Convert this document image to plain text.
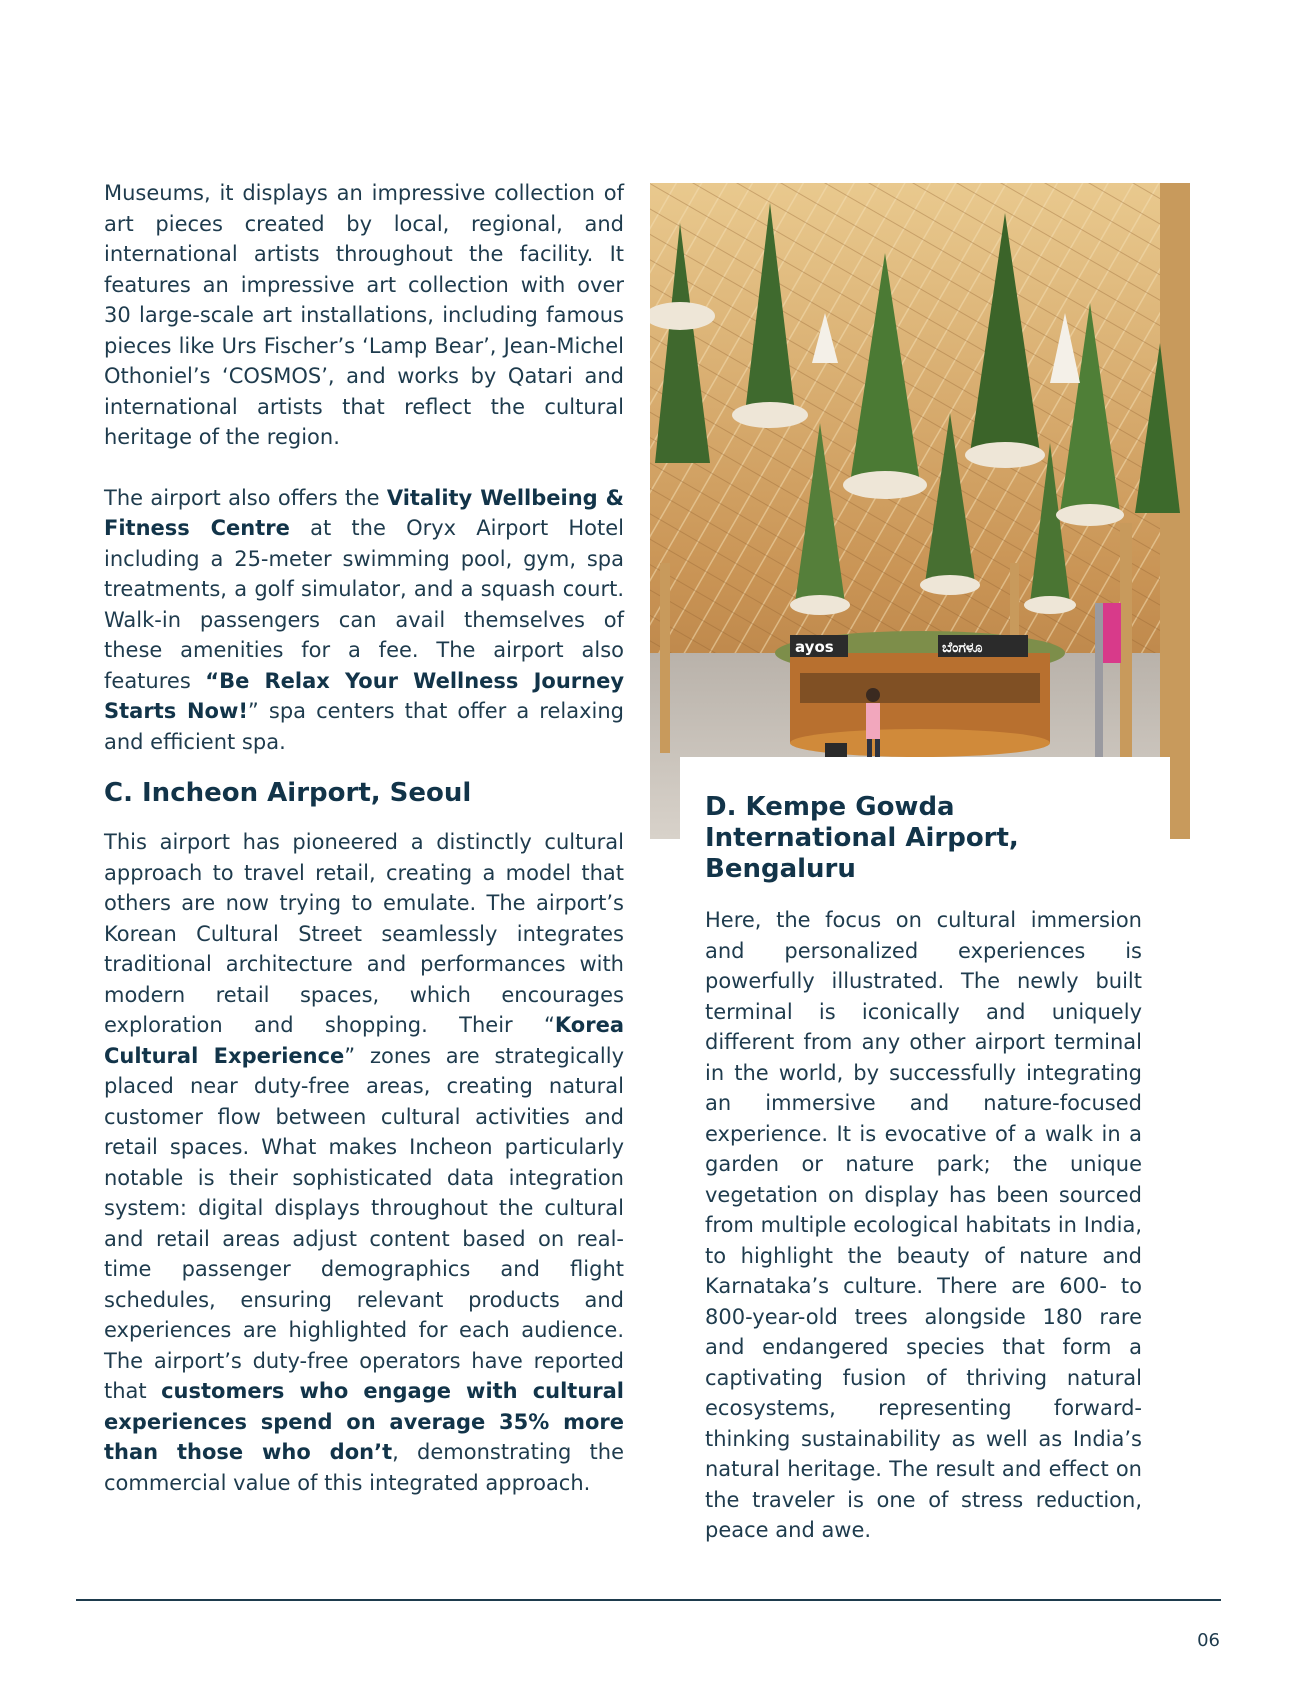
Museums, it displays an impressive collection of art pieces created by local, regional, and international artists throughout the facility. It features an impressive art collection with over 30 large-scale art installations, including famous pieces like Urs Fischer’s ‘Lamp Bear’, Jean-Michel Othoniel’s ‘COSMOS’, and works by Qatari and international artists that reflect the cultural heritage of the region.

The airport also offers the Vitality Wellbeing & Fitness Centre at the Oryx Airport Hotel including a 25-meter swimming pool, gym, spa treatments, a golf simulator, and a squash court. Walk-in passengers can avail themselves of these amenities for a fee. The airport also features “Be Relax Your Wellness Journey Starts Now!” spa centers that offer a relaxing and efficient spa.

C. Incheon Airport, Seoul

This airport has pioneered a distinctly cultural approach to travel retail, creating a model that others are now trying to emulate. The airport’s Korean Cultural Street seamlessly integrates traditional architecture and performances with modern retail spaces, which encourages exploration and shopping. Their “Korea Cultural Experience” zones are strategically placed near duty-free areas, creating natural customer flow between cultural activities and retail spaces. What makes Incheon particularly notable is their sophisticated data integration system: digital displays throughout the cultural and retail areas adjust content based on real-time passenger demographics and flight schedules, ensuring relevant products and experiences are highlighted for each audience. The airport’s duty-free operators have reported that customers who engage with cultural experiences spend on average 35% more than those who don’t, demonstrating the commercial value of this integrated approach.

ayos	ಬೆಂಗಳೂ
D. Kempe Gowda International Airport, Bengaluru

Here, the focus on cultural immersion and personalized experiences is powerfully illustrated. The newly built terminal is iconically and uniquely different from any other airport terminal in the world, by successfully integrating an immersive and nature-focused experience. It is evocative of a walk in a garden or nature park; the unique vegetation on display has been sourced from multiple ecological habitats in India, to highlight the beauty of nature and Karnataka’s culture. There are 600- to 800-year-old trees alongside 180 rare and endangered species that form a captivating fusion of thriving natural ecosystems, representing forward-thinking sustainability as well as India’s natural heritage. The result and effect on the traveler is one of stress reduction, peace and awe.

06
